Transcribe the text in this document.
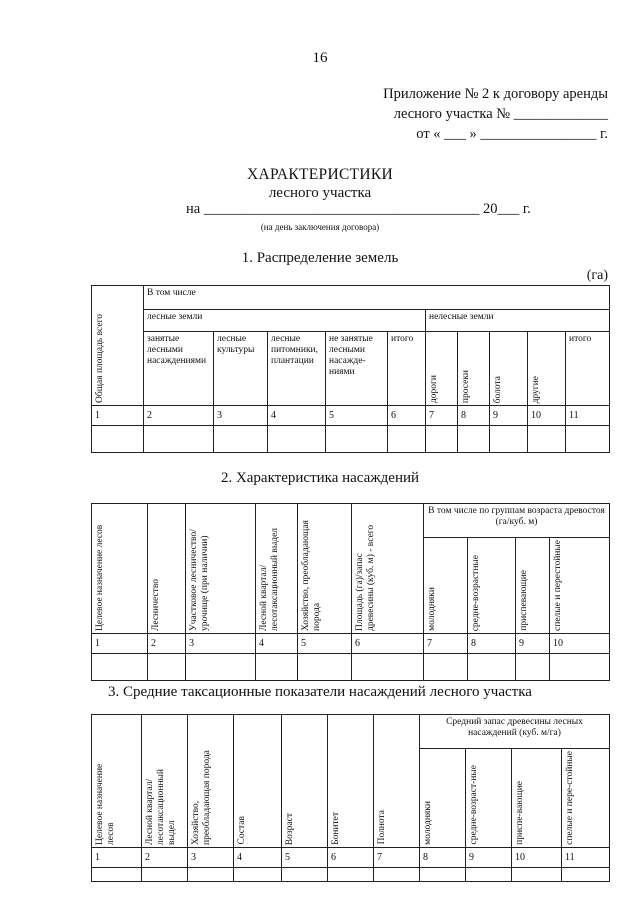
16
Приложение № 2 к договору аренды
лесного участка № _____________
от « ___ » ________________ г.
ХАРАКТЕРИСТИКИ
лесного участка
на ______________________________________ 20___ г.
(на день заключения договора)
1. Распределение земель
(га)
Общая площадь всего	В том числе									
	лесные земли					нелесные земли				
	занятые лесными насаждениями	лесные культуры	лесные питомники, плантации	не занятые лесными насажде-ниями	итого	дороги	просеки	болота	другие	итого
1	2	3	4	5	6	7	8	9	10	11

2. Характеристика насаждений
Целевое назначение лесов	Лесничество	Участковое лесничество/урочище (при наличии)	Лесной квартал/ лесотаксационный выдел	Хозяйство, преобладающая порода	Площадь (га)/запас древесины (куб. м) - всего	В том числе по группам возраста древостоя (га/куб. м)			

						молодняки	средне-возрастные	приспевающие	спелые и перестойные

1	2	3	4	5	6	7	8	9	10

3. Средние таксационные показатели насаждений лесного участка
Целевое назначение лесов	Лесной квартал/ лесотаксационный выдел	Хозяйство, преобладающая порода	Состав	Возраст	Бонитет	Полнота	Средний запас древесины лесных насаждений (куб. м/га)			

							молодняки	средне-возраст-ные	приспе-вающие	спелые и пере-стойные

1	2	3	4	5	6	7	8	9	10	11
